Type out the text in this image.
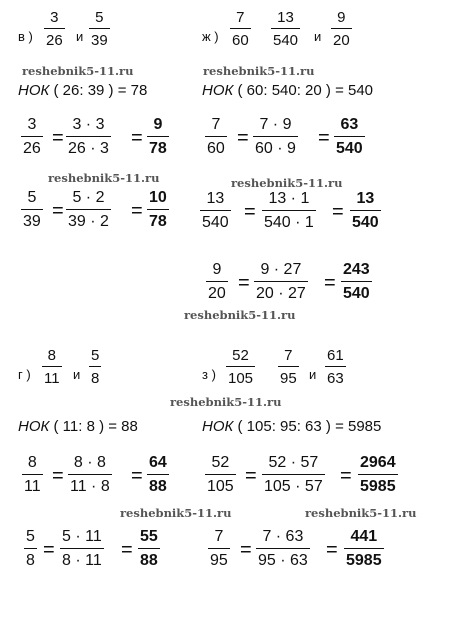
в )
3
26 и
5
39
reshebnik5-11.ru
НОК ( 26: 39 ) = 78
3
26 =
3 · 3
26 · 3 =
9
78
reshebnik5-11.ru
5
39 =
5 · 2
39 · 2 =
10
78
ж )
7
60
13
540 и
9
20
reshebnik5-11.ru
НОК ( 60: 540: 20 ) = 540
7
60 =
7 · 9
60 · 9 =
63
540
reshebnik5-11.ru
13
540 =
13 · 1
540 · 1 =
13
540
9
20 =
9 · 27
20 · 27 =
243
540
reshebnik5-11.ru
г )
8
11 и
5
8
НОК ( 11: 8 ) = 88
8
11 =
8 · 8
11 · 8 =
64
88
reshebnik5-11.ru
5
8 =
5 · 11
8 · 11 =
55
88
з )
52
105
7
95 и
61
63
reshebnik5-11.ru
НОК ( 105: 95: 63 ) = 5985
52
105 =
52 · 57
105 · 57 =
2964
5985
reshebnik5-11.ru
7
95 =
7 · 63
95 · 63 =
441
5985
